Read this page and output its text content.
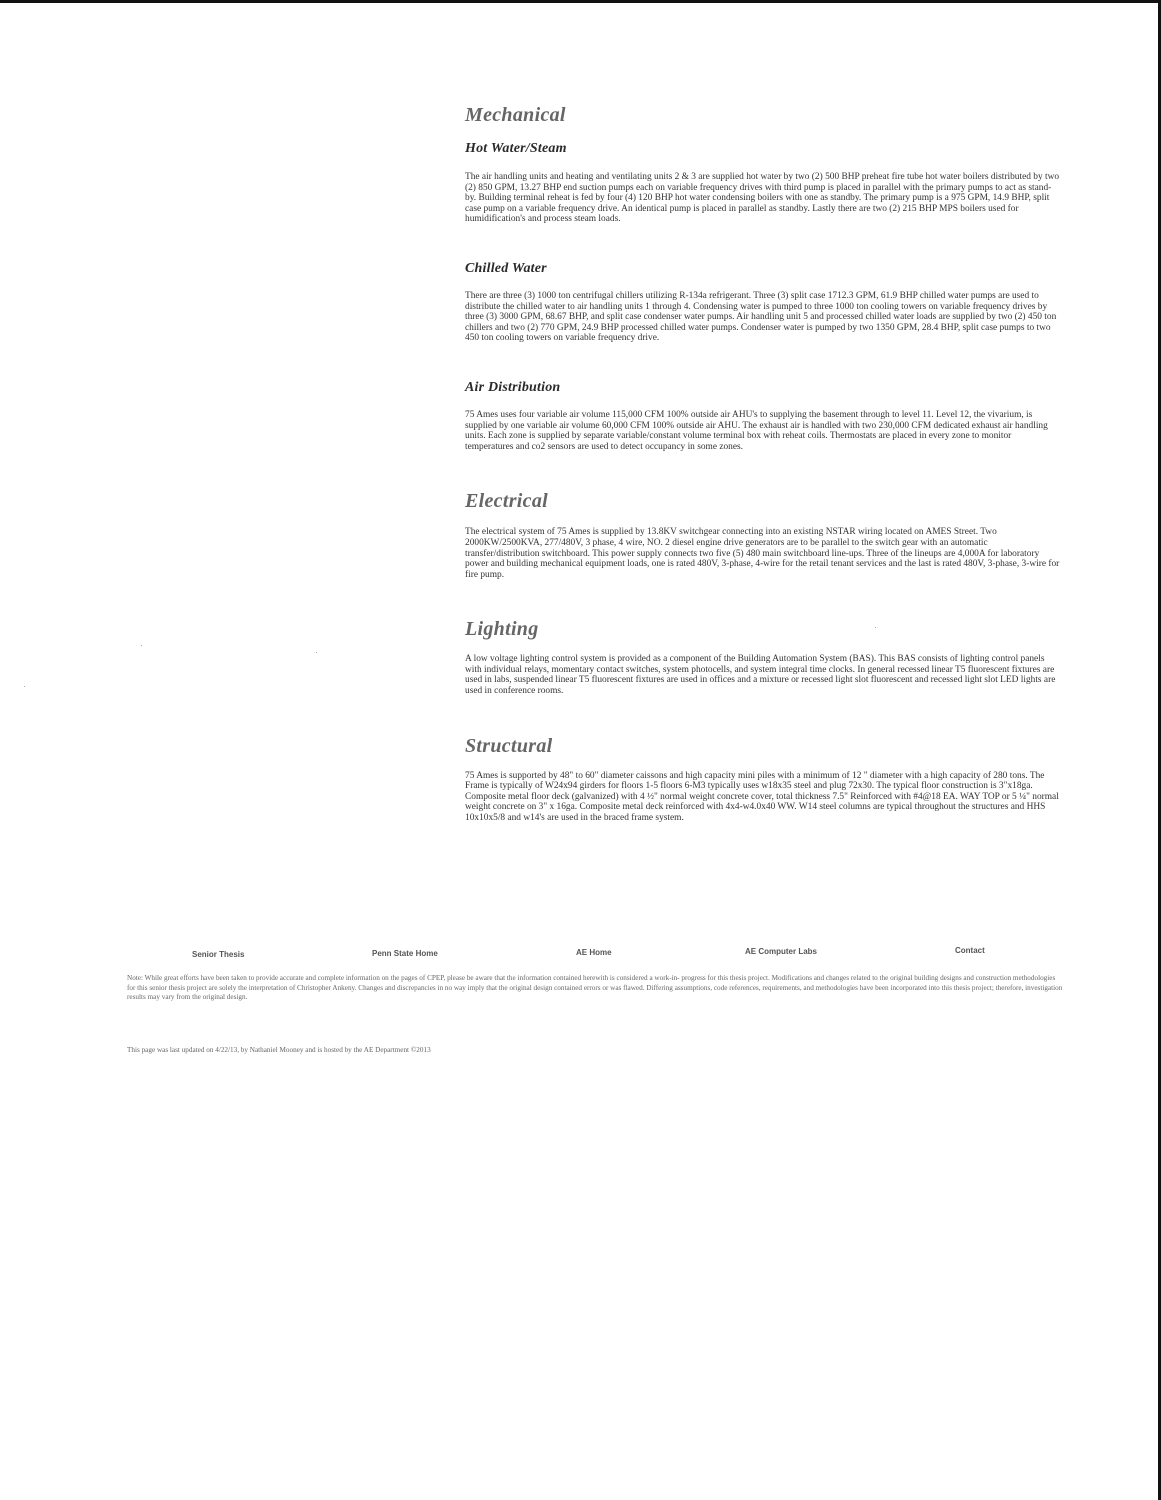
Mechanical
Hot Water/Steam

The air handling units and heating and ventilating units 2 & 3 are supplied hot water by two (2) 500 BHP preheat fire tube hot water boilers distributed by two (2) 850 GPM, 13.27 BHP end suction pumps each on variable frequency drives with third pump is placed in parallel with the primary pumps to act as stand-by. Building terminal reheat is fed by four (4) 120 BHP hot water condensing boilers with one as standby. The primary pump is a 975 GPM, 14.9 BHP, split case pump on a variable frequency drive. An identical pump is placed in parallel as standby. Lastly there are two (2) 215 BHP MPS boilers used for humidification's and process steam loads.

Chilled Water

There are three (3) 1000 ton centrifugal chillers utilizing R-134a refrigerant. Three (3) split case 1712.3 GPM, 61.9 BHP chilled water pumps are used to distribute the chilled water to air handling units 1 through 4. Condensing water is pumped to three 1000 ton cooling towers on variable frequency drives by three (3) 3000 GPM, 68.67 BHP, and split case condenser water pumps. Air handling unit 5 and processed chilled water loads are supplied by two (2) 450 ton chillers and two (2) 770 GPM, 24.9 BHP processed chilled water pumps. Condenser water is pumped by two 1350 GPM, 28.4 BHP, split case pumps to two 450 ton cooling towers on variable frequency drive.

Air Distribution

75 Ames uses four variable air volume 115,000 CFM 100% outside air AHU's to supplying the basement through to level 11. Level 12, the vivarium, is supplied by one variable air volume 60,000 CFM 100% outside air AHU. The exhaust air is handled with two 230,000 CFM dedicated exhaust air handling units. Each zone is supplied by separate variable/constant volume terminal box with reheat coils. Thermostats are placed in every zone to monitor temperatures and co2 sensors are used to detect occupancy in some zones.

Electrical

The electrical system of 75 Ames is supplied by 13.8KV switchgear connecting into an existing NSTAR wiring located on AMES Street. Two 2000KW/2500KVA, 277/480V, 3 phase, 4 wire, NO. 2 diesel engine drive generators are to be parallel to the switch gear with an automatic transfer/distribution switchboard. This power supply connects two five (5) 480 main switchboard line-ups. Three of the lineups are 4,000A for laboratory power and building mechanical equipment loads, one is rated 480V, 3-phase, 4-wire for the retail tenant services and the last is rated 480V, 3-phase, 3-wire for fire pump.

Lighting

A low voltage lighting control system is provided as a component of the Building Automation System (BAS). This BAS consists of lighting control panels with individual relays, momentary contact switches, system photocells, and system integral time clocks. In general recessed linear T5 fluorescent fixtures are used in labs, suspended linear T5 fluorescent fixtures are used in offices and a mixture or recessed light slot fluorescent and recessed light slot LED lights are used in conference rooms.

Structural

75 Ames is supported by 48" to 60" diameter caissons and high capacity mini piles with a minimum of 12 " diameter with a high capacity of 280 tons. The Frame is typically of W24x94 girders for floors 1-5 floors 6-M3 typically uses w18x35 steel and plug 72x30. The typical floor construction is 3"x18ga. Composite metal floor deck (galvanized) with 4 ½" normal weight concrete cover, total thickness 7.5" Reinforced with #4@18 EA. WAY TOP or 5 ¼" normal weight concrete on 3" x 16ga. Composite metal deck reinforced with 4x4-w4.0x40 WW. W14 steel columns are typical throughout the structures and HHS 10x10x5/8 and w14's are used in the braced frame system.

Senior Thesis	Penn State Home	AE Home	AE Computer Labs	Contact

Note: While great efforts have been taken to provide accurate and complete information on the pages of CPEP, please be aware that the information contained herewith is considered a work-in- progress for this thesis project. Modifications and changes related to the original building designs and construction methodologies for this senior thesis project are solely the interpretation of Christopher Ankeny. Changes and discrepancies in no way imply that the original design contained errors or was flawed. Differing assumptions, code references, requirements, and methodologies have been incorporated into this thesis project; therefore, investigation results may vary from the original design.

This page was last updated on 4/22/13, by Nathaniel Mooney and is hosted by the AE Department ©2013
